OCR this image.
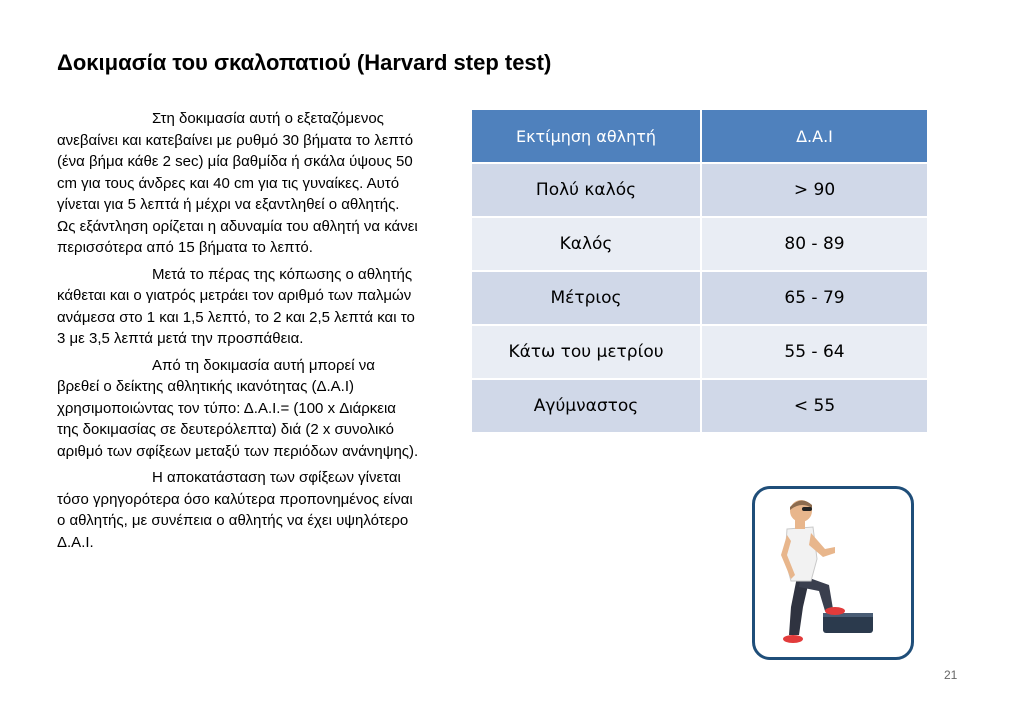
Δοκιμασία του σκαλοπατιού (Harvard step test)

Στη δοκιμασία αυτή ο εξεταζόμενος ανεβαίνει και κατεβαίνει με ρυθμό 30 βήματα το λεπτό (ένα βήμα κάθε 2 sec) μία βαθμίδα ή σκάλα ύψους 50 cm για τους άνδρες και 40 cm για τις γυναίκες. Αυτό γίνεται για 5 λεπτά ή μέχρι να εξαντληθεί ο αθλητής. Ως εξάντληση ορίζεται η αδυναμία του αθλητή να κάνει περισσότερα από 15 βήματα το λεπτό.

Μετά το πέρας της κόπωσης ο αθλητής κάθεται και ο γιατρός μετράει τον αριθμό των παλμών ανάμεσα στο 1 και 1,5 λεπτό, το 2 και 2,5 λεπτά και το 3 με 3,5 λεπτά μετά την προσπάθεια.

Από τη δοκιμασία αυτή μπορεί να βρεθεί ο δείκτης αθλητικής ικανότητας (Δ.Α.Ι) χρησιμοποιώντας τον τύπο: Δ.Α.Ι.= (100 x Διάρκεια της δοκιμασίας σε δευτερόλεπτα) διά (2 x συνολικό αριθμό των σφίξεων μεταξύ των περιόδων ανάνηψης).

Η αποκατάσταση των σφίξεων γίνεται τόσο γρηγορότερα όσο καλύτερα προπονημένος είναι ο αθλητής, με συνέπεια ο αθλητής να έχει υψηλότερο Δ.Α.Ι.

Εκτίμηση αθλητή	Δ.Α.Ι
Πολύ καλός	> 90
Καλός	80 - 89
Μέτριος	65 - 79
Κάτω του μετρίου	55 - 64
Αγύμναστος	< 55
21
